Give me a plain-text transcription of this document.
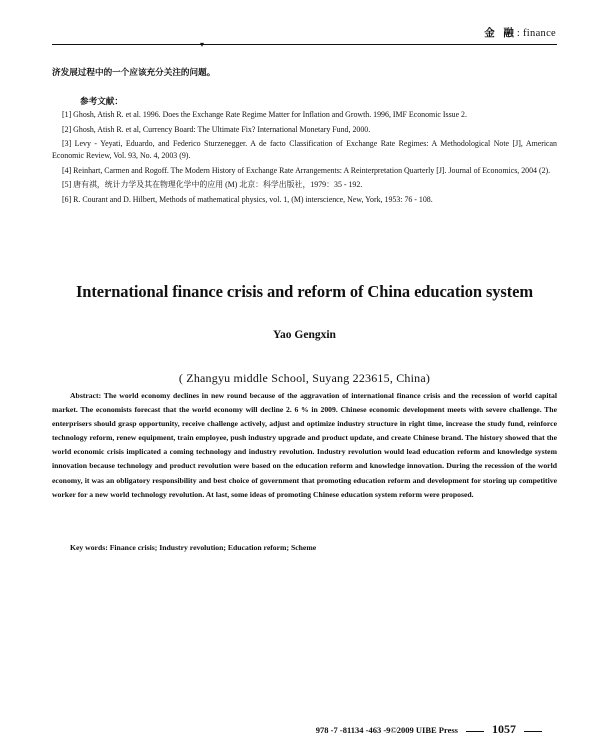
金 融: finance
▾
济发展过程中的一个应该充分关注的问题。
参考文献：
[1] Ghosh, Atish R. et al. 1996. Does the Exchange Rate Regime Matter for Inflation and Growth. 1996, IMF Economic Issue 2.
[2] Ghosh, Atish R. et al, Currency Board: The Ultimate Fix? International Monetary Fund, 2000.
[3] Levy - Yeyati, Eduardo, and Federico Sturzenegger. A de facto Classification of Exchange Rate Regimes: A Methodological Note [J], American Economic Review, Vol. 93, No. 4, 2003 (9).
[4] Reinhart, Carmen and Rogoff. The Modern History of Exchange Rate Arrangements: A Reinterpretation Quarterly [J]. Journal of Economics, 2004 (2).
[5] 唐有祺，统计力学及其在物理化学中的应用 (M) 北京：科学出版社，1979：35 - 192.
[6] R. Courant and D. Hilbert, Methods of mathematical physics, vol. 1, (M) interscience, New, York, 1953: 76 - 108.
International finance crisis and reform of China education system
Yao Gengxin
( Zhangyu middle School, Suyang 223615, China)

Abstract: The world economy declines in new round because of the aggravation of international finance crisis and the recession of world capital market. The economists forecast that the world economy will decline 2. 6 % in 2009. Chinese economic development meets with severe challenge. The enterprisers should grasp opportunity, receive challenge actively, adjust and optimize industry structure in right time, increase the study fund, reinforce technology reform, renew equipment, train employee, push industry upgrade and product update, and create Chinese brand. The history showed that the world economic crisis implicated a coming technology and industry revolution. Industry revolution would lead education reform and knowledge system innovation because technology and product revolution were based on the education reform and knowledge innovation. During the recession of the world economy, it was an obligatory responsibility and best choice of government that promoting education reform and development for storing up competitive worker for a new world technology revolution. At last, some ideas of promoting Chinese education system reform were proposed.

Key words: Finance crisis; Industry revolution; Education reform; Scheme
978 -7 -81134 -463 -9©2009 UIBE Press	1057
